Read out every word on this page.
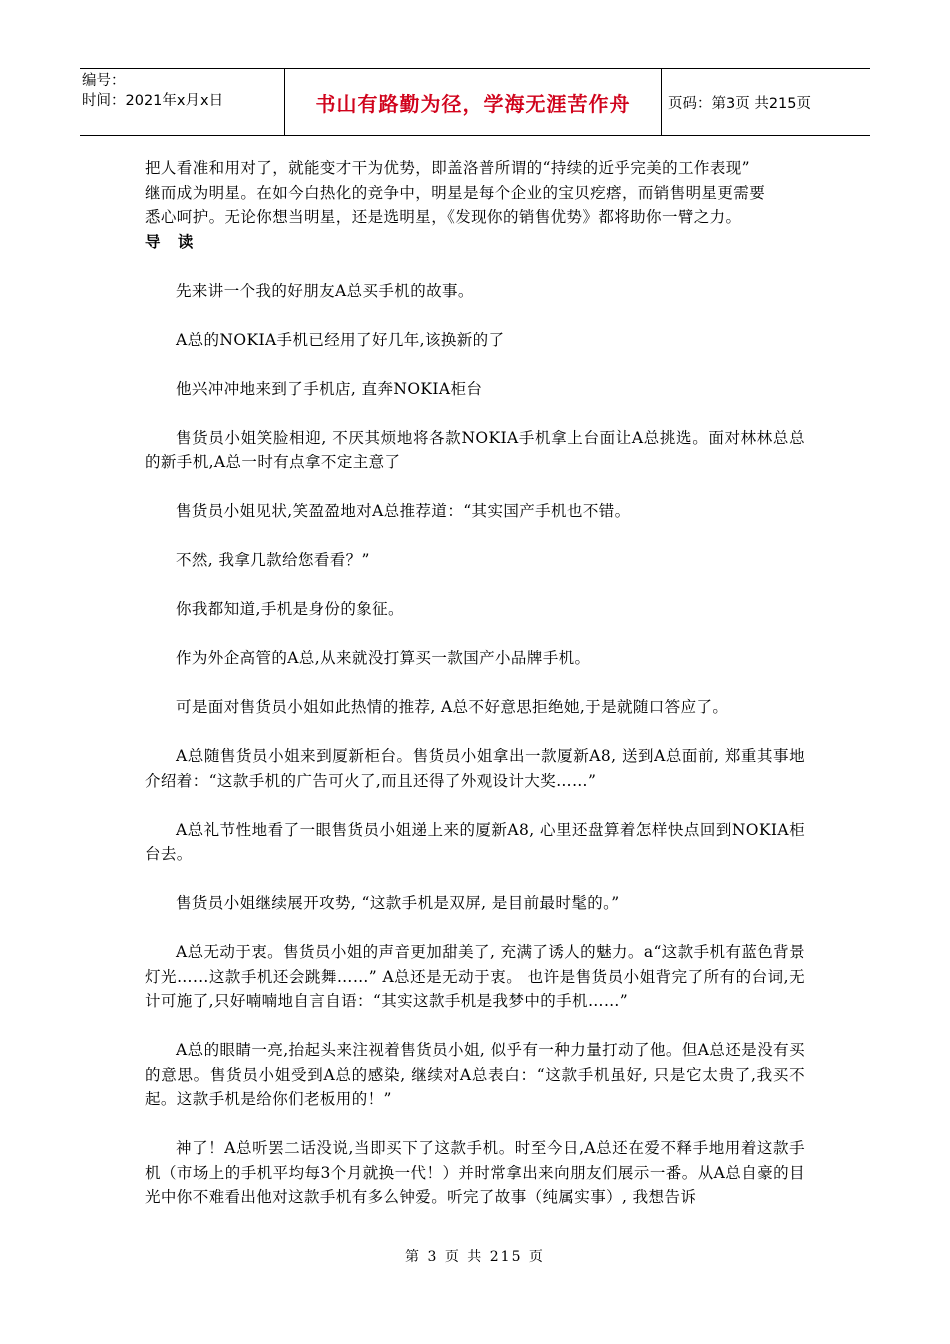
编号：
时间：2021年x月x日	书山有路勤为径，学海无涯苦作舟	页码：第3页 共215页

把人看准和用对了，就能变才干为优势，即盖洛普所谓的“持续的近乎完美的工作表现”

继而成为明星。在如今白热化的竞争中，明星是每个企业的宝贝疙瘩，而销售明星更需要

悉心呵护。无论你想当明星，还是选明星，《发现你的销售优势》都将助你一臂之力。

导 读

先来讲一个我的好朋友A总买手机的故事。

A总的NOKIA手机已经用了好几年,该换新的了

他兴冲冲地来到了手机店, 直奔NOKIA柜台

售货员小姐笑脸相迎, 不厌其烦地将各款NOKIA手机拿上台面让A总挑选。面对林林总总的新手机,A总一时有点拿不定主意了

售货员小姐见状,笑盈盈地对A总推荐道：“其实国产手机也不错。

不然, 我拿几款给您看看？”

你我都知道,手机是身份的象征。

作为外企高管的A总,从来就没打算买一款国产小品牌手机。

可是面对售货员小姐如此热情的推荐, A总不好意思拒绝她,于是就随口答应了。

A总随售货员小姐来到厦新柜台。售货员小姐拿出一款厦新A8, 送到A总面前, 郑重其事地介绍着：“这款手机的广告可火了,而且还得了外观设计大奖……”

A总礼节性地看了一眼售货员小姐递上来的厦新A8, 心里还盘算着怎样快点回到NOKIA柜台去。

售货员小姐继续展开攻势, “这款手机是双屏, 是目前最时髦的。”

A总无动于衷。售货员小姐的声音更加甜美了, 充满了诱人的魅力。a“这款手机有蓝色背景灯光……这款手机还会跳舞……” A总还是无动于衷。 也许是售货员小姐背完了所有的台词,无计可施了,只好喃喃地自言自语：“其实这款手机是我梦中的手机……”

A总的眼睛一亮,抬起头来注视着售货员小姐, 似乎有一种力量打动了他。但A总还是没有买的意思。售货员小姐受到A总的感染, 继续对A总表白：“这款手机虽好, 只是它太贵了,我买不起。这款手机是给你们老板用的！”

神了！A总听罢二话没说,当即买下了这款手机。时至今日,A总还在爱不释手地用着这款手机（市场上的手机平均每3个月就换一代！）并时常拿出来向朋友们展示一番。从A总自豪的目光中你不难看出他对这款手机有多么钟爱。听完了故事（纯属实事）, 我想告诉

第 3 页 共 215 页
